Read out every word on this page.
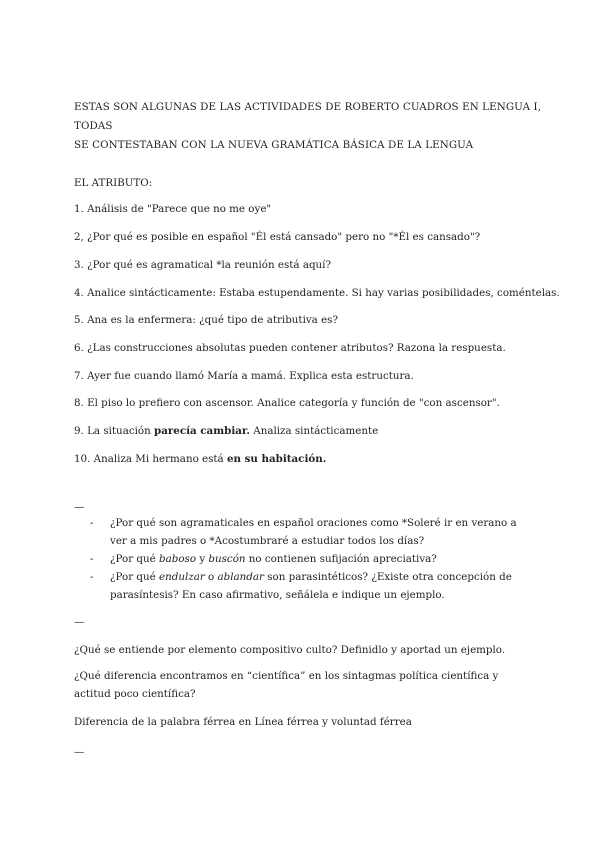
ESTAS SON ALGUNAS DE LAS ACTIVIDADES DE ROBERTO CUADROS EN LENGUA I, TODAS
SE CONTESTABAN CON LA NUEVA GRAMÁTICA BÁSICA DE LA LENGUA
EL ATRIBUTO:
1. Análisis de "Parece que no me oye"
2, ¿Por qué es posible en español "Él está cansado" pero no "*Él es cansado"?
3. ¿Por qué es agramatical *la reunión está aquí?
4. Analice sintácticamente: Estaba estupendamente. Si hay varias posibilidades, coméntelas.
5. Ana es la enfermera: ¿qué tipo de atributiva es?
6. ¿Las construcciones absolutas pueden contener atributos? Razona la respuesta.
7. Ayer fue cuando llamó María a mamá. Explica esta estructura.
8. El piso lo prefiero con ascensor. Analice categoría y función de "con ascensor".
9. La situación parecía cambiar. Analiza sintácticamente
10. Analiza Mi hermano está en su habitación.
—
- ¿Por qué son agramaticales en español oraciones como *Soleré ir en verano a ver a mis padres o *Acostumbraré a estudiar todos los días?
- ¿Por qué baboso y buscón no contienen sufijación apreciativa?
- ¿Por qué endulzar o ablandar son parasintéticos? ¿Existe otra concepción de parasíntesis? En caso afirmativo, señálela e indique un ejemplo.
—
¿Qué se entiende por elemento compositivo culto? Definidlo y aportad un ejemplo.
¿Qué diferencia encontramos en “científica” en los sintagmas política científica y actitud poco científica?
Diferencia de la palabra férrea en Línea férrea y voluntad férrea
—
